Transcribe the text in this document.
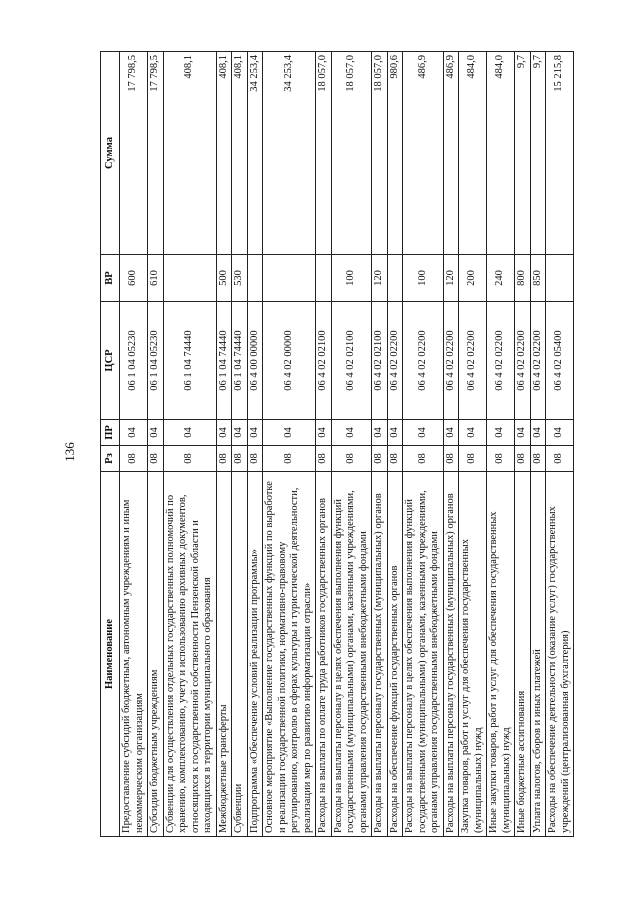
136
Наименование	Рз	ПР	ЦСР	ВР	Сумма
Предоставление субсидий бюджетным, автономным учреждениям и иным некоммерческим организациям	08	04	06 1 04 05230	600	17 798,5
Субсидии бюджетным учреждениям	08	04	06 1 04 05230	610	17 798,5
Субвенции для осуществления отдельных государственных полномочий по хранению, комплектованию, учету и использованию архивных документов, относящихся к государственной собственности Пензенской области и находящихся в территории муниципального образования	08	04	06 1 04 74440		408,1
Межбюджетные трансферты	08	04	06 1 04 74440	500	408,1
Субвенции	08	04	06 1 04 74440	530	408,1
Подпрограмма «Обеспечение условий реализации программы»	08	04	06 4 00 00000		34 253,4
Основное мероприятие «Выполнение государственных функций по выработке и реализации государственной политики, нормативно-правовому регулированию, контролю в сферах культуры и туристической деятельности, реализации мер по развитию информатизации отрасли»	08	04	06 4 02 00000		34 253,4
Расходы на выплаты по оплате труда работников государственных органов	08	04	06 4 02 02100		18 057,0
Расходы на выплаты персоналу в целях обеспечения выполнения функций государственными (муниципальными) органами, казенными учреждениями, органами управления государственными внебюджетными фондами	08	04	06 4 02 02100	100	18 057,0
Расходы на выплаты персоналу государственных (муниципальных) органов	08	04	06 4 02 02100	120	18 057,0
Расходы на обеспечение функций государственных органов	08	04	06 4 02 02200		980,6
Расходы на выплаты персоналу в целях обеспечения выполнения функций государственными (муниципальными) органами, казенными учреждениями, органами управления государственными внебюджетными фондами	08	04	06 4 02 02200	100	486,9
Расходы на выплаты персоналу государственных (муниципальных) органов	08	04	06 4 02 02200	120	486,9
Закупка товаров, работ и услуг для обеспечения государственных (муниципальных) нужд	08	04	06 4 02 02200	200	484,0
Иные закупки товаров, работ и услуг для обеспечения государственных (муниципальных) нужд	08	04	06 4 02 02200	240	484,0
Иные бюджетные ассигнования	08	04	06 4 02 02200	800	9,7
Уплата налогов, сборов и иных платежей	08	04	06 4 02 02200	850	9,7
Расходы на обеспечение деятельности (оказание услуг) государственных учреждений (централизованная бухгалтерия)	08	04	06 4 02 05400		15 215,8
